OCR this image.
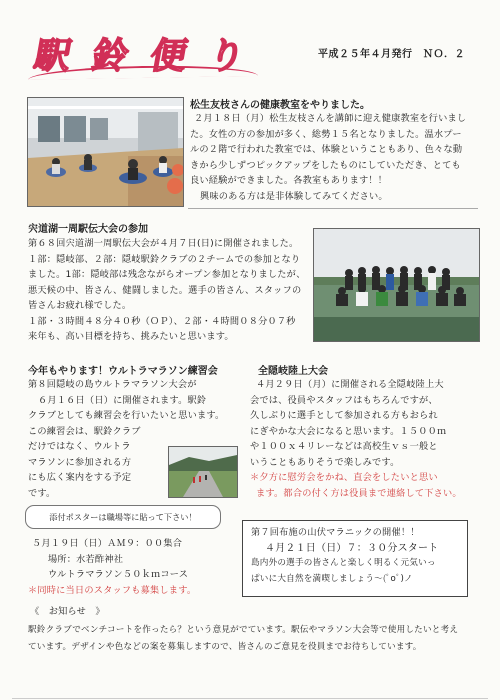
駅鈴便り	平成２５年４月発行　ＮＯ．２
松生友枝さんの健康教室をやりました。
２月１８日（月）松生友枝さんを講師に迎え健康教室を行いまし
た。女性の方の参加が多く、総勢１５名となりました。温水プー
ルの２階で行われた教室では、体験ということもあり、色々な動
きから少しずつピックアップをしたものにしていただき、とても
良い経験ができました。各教室もあります！！
興味のある方は是非体験してみてください。
宍道湖一周駅伝大会の参加
第６８回宍道湖一周駅伝大会が４月７日(日)に開催されました。
１部：隠岐部、２部：隠岐駅鈴クラブの２チームでの参加となり
ました。1部：隠岐部は残念ながらオープン参加となりましたが、
悪天候の中、皆さん、健闘しました。選手の皆さん、スタッフの
皆さんお疲れ様でした。
１部・３時間４８分４０秒（ＯＰ）、２部・４時間０８分０７秒
来年も、高い目標を持ち、挑みたいと思います。
今年もやります！ウルトラマラソン練習会
第８回隠岐の島ウルトラマラソン大会が
６月１６日（日）に開催されます。駅鈴
クラブとしても練習会を行いたいと思います。
この練習会は、駅鈴クラブ
だけではなく、ウルトラ
マラソンに参加される方
にも広く案内をする予定
です。
添付ポスターは職場等に貼って下さい！
５月１９日（日）ＡＭ９：００集合
場所：水若酢神社
ウルトラマラソン５０ｋｍコース
＊同時に当日のスタッフも募集します。
全隠岐陸上大会
４月２９日（月）に開催される全隠岐陸上大
会では、役員やスタッフはもちろんですが、
久しぶりに選手として参加される方もおられ
にぎやかな大会になると思います。１５００ｍ
や１００ｘ４リレーなどは高校生ｖｓ一般と
いうこともありそうで楽しみです。
＊夕方に慰労会をかね、直会をしたいと思い
ます。都合の付く方は役員まで連絡して下さい。
第７回布施の山伏マラニックの開催！！
４月２１日（日）７：３０分スタート
島内外の選手の皆さんと楽しく明るく元気いっ
ぱいに大自然を満喫しましょう～(ﾟoﾟ)ノ
《　お知らせ　》
駅鈴クラブでベンチコートを作ったら？という意見がでています。駅伝やマラソン大会等で使用したいと考え
ています。デザインや色などの案を募集しますので、皆さんのご意見を役員までお待ちしています。
